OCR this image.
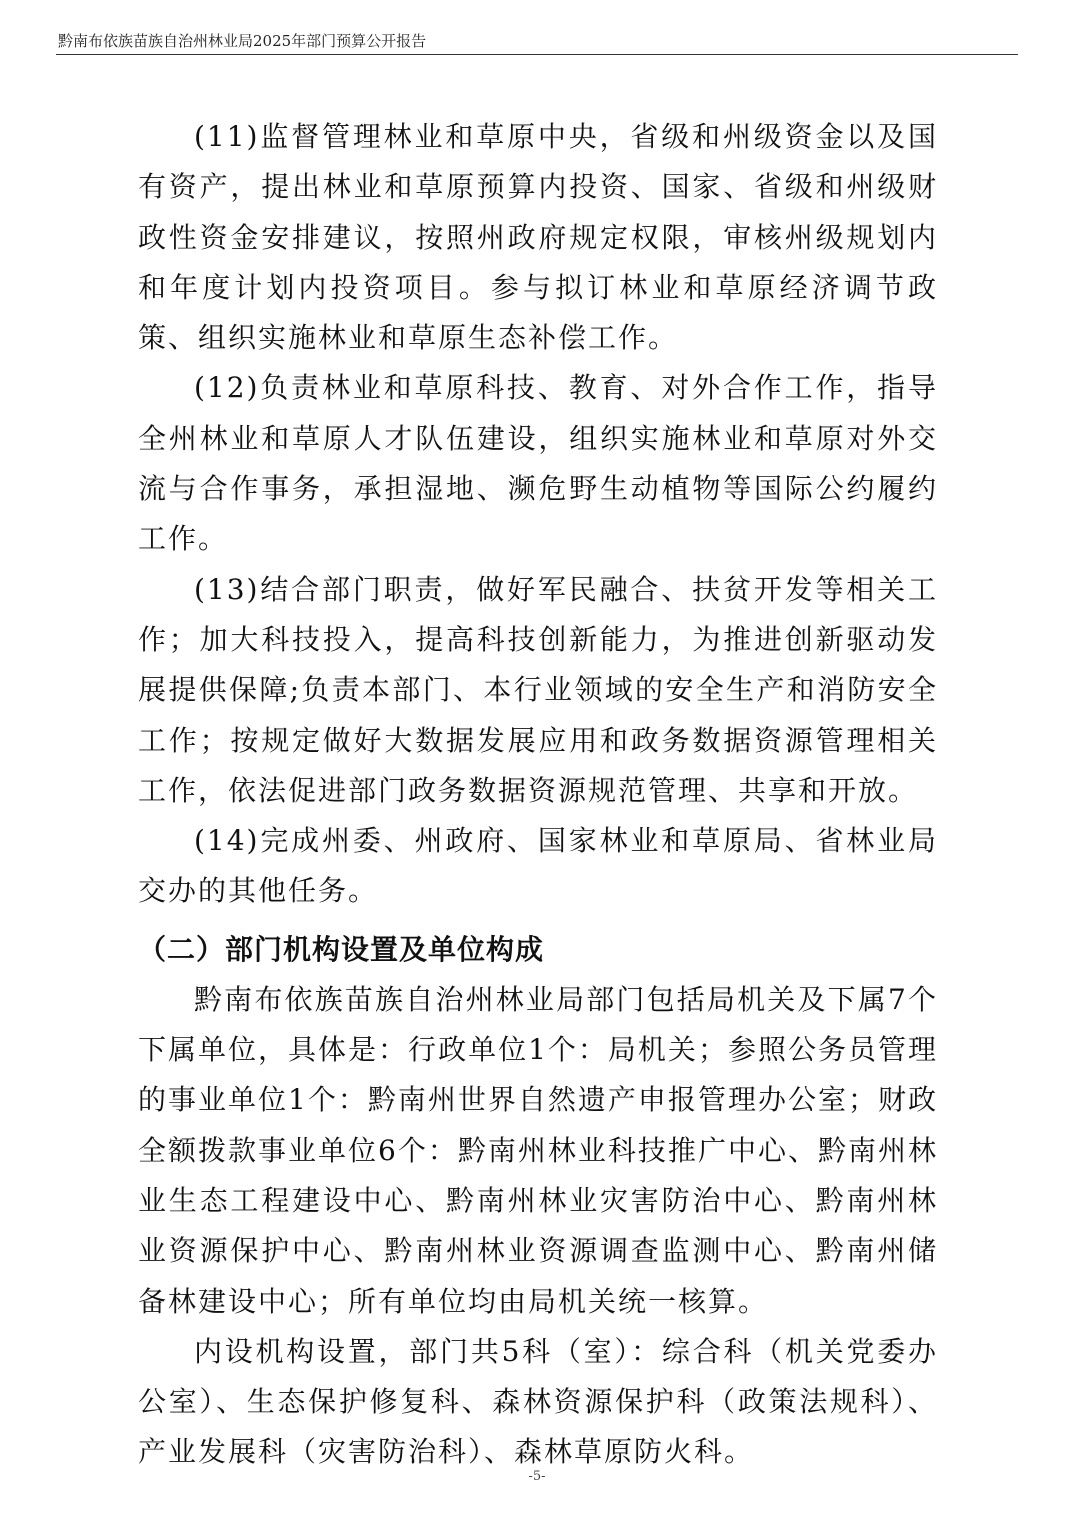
黔南布依族苗族自治州林业局2025年部门预算公开报告

(11)监督管理林业和草原中央，省级和州级资金以及国有资产，提出林业和草原预算内投资、国家、省级和州级财政性资金安排建议，按照州政府规定权限，审核州级规划内和年度计划内投资项目。参与拟订林业和草原经济调节政策、组织实施林业和草原生态补偿工作。

(12)负责林业和草原科技、教育、对外合作工作，指导全州林业和草原人才队伍建设，组织实施林业和草原对外交流与合作事务，承担湿地、濒危野生动植物等国际公约履约工作。

(13)结合部门职责，做好军民融合、扶贫开发等相关工作；加大科技投入，提高科技创新能力，为推进创新驱动发展提供保障;负责本部门、本行业领域的安全生产和消防安全工作；按规定做好大数据发展应用和政务数据资源管理相关工作，依法促进部门政务数据资源规范管理、共享和开放。

(14)完成州委、州政府、国家林业和草原局、省林业局交办的其他任务。

（二）部门机构设置及单位构成

黔南布依族苗族自治州林业局部门包括局机关及下属7个下属单位，具体是：行政单位1个：局机关；参照公务员管理的事业单位1个：黔南州世界自然遗产申报管理办公室；财政全额拨款事业单位6个：黔南州林业科技推广中心、黔南州林业生态工程建设中心、黔南州林业灾害防治中心、黔南州林业资源保护中心、黔南州林业资源调查监测中心、黔南州储备林建设中心；所有单位均由局机关统一核算。

内设机构设置，部门共5科（室）：综合科（机关党委办公室）、生态保护修复科、森林资源保护科（政策法规科）、产业发展科（灾害防治科）、森林草原防火科。

-5-
